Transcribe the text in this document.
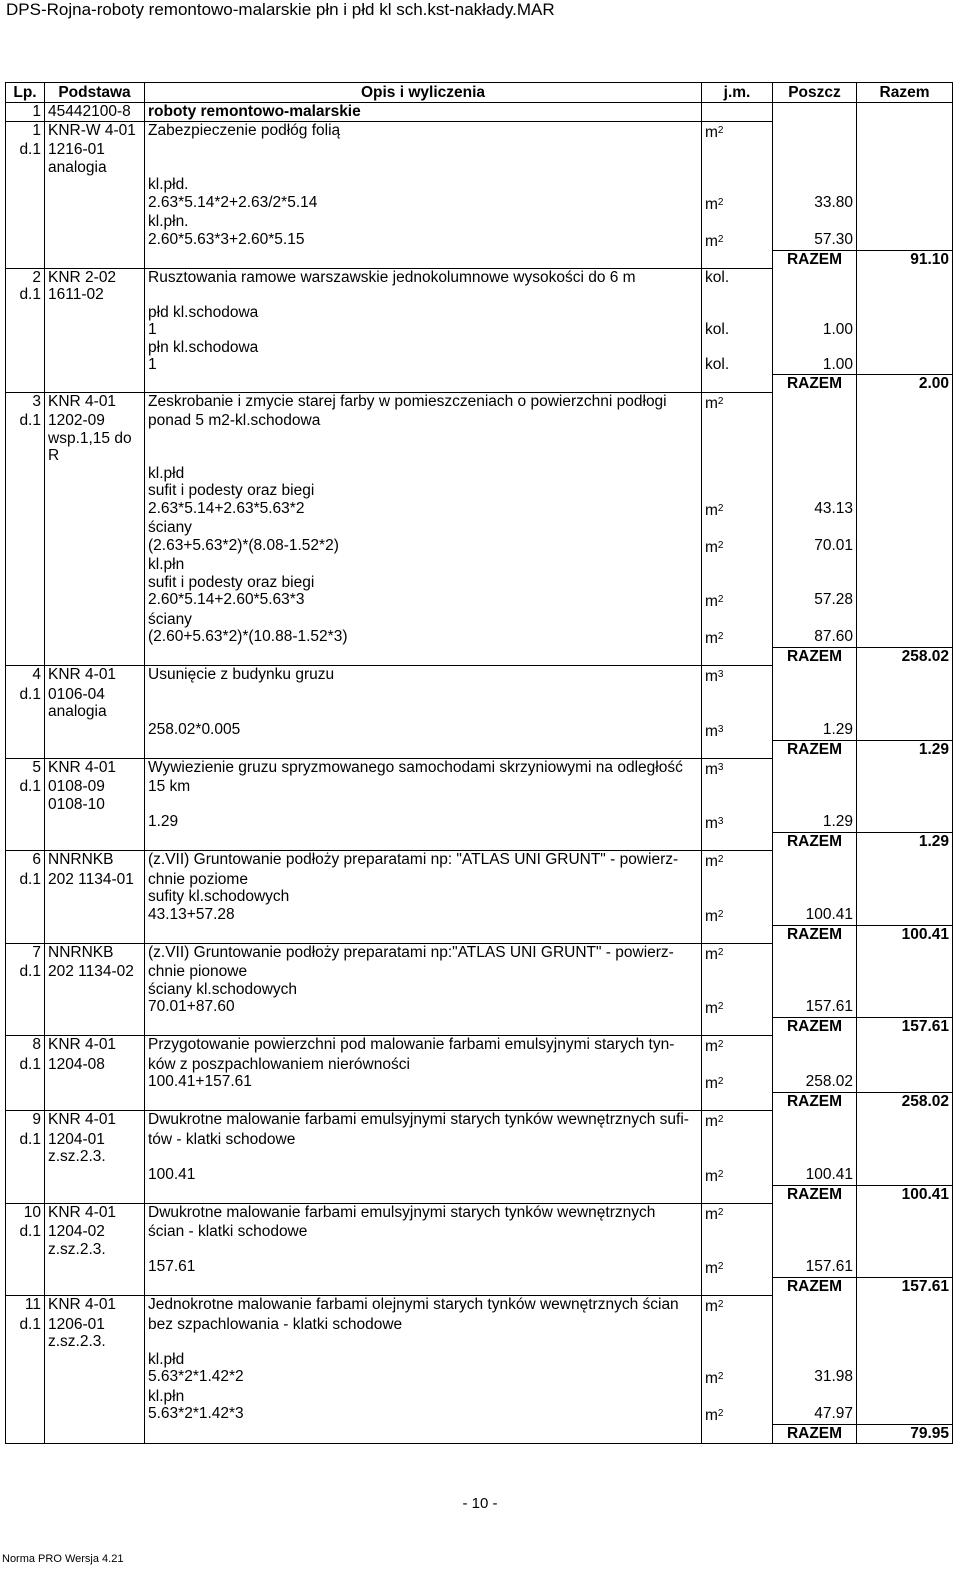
DPS-Rojna-roboty remontowo-malarskie płn i płd kl sch.kst-nakłady.MAR
Lp.	Podstawa	Opis i wyliczenia	j.m.	Poszcz	Razem
1	45442100-8	roboty remontowo-malarskie			
1	KNR-W 4-01	Zabezpieczenie podłóg folią	$m^2$		
d.1	1216-01				
	analogia				
		kl.płd.			
		2.63*5.14*2+2.63/2*5.14	$m^2$	33.80	
		kl.płn.			
		2.60*5.63*3+2.60*5.15	$m^2$	57.30	
				RAZEM	91.10
2	KNR 2-02	Rusztowania ramowe warszawskie jednokolumnowe wysokości do 6 m	kol.		
d.1	1611-02				
		płd kl.schodowa			
		1	kol.	1.00	
		płn kl.schodowa			
		1	kol.	1.00	
				RAZEM	2.00
3	KNR 4-01	Zeskrobanie i zmycie starej farby w pomieszczeniach o powierzchni podłogi	$m^2$		
d.1	1202-09	ponad 5 m2-kl.schodowa			
	wsp.1,15 do				
	R				
		kl.płd			
		sufit i podesty oraz biegi			
		2.63*5.14+2.63*5.63*2	$m^2$	43.13	
		ściany			
		(2.63+5.63*2)*(8.08-1.52*2)	$m^2$	70.01	
		kl.płn			
		sufit i podesty oraz biegi			
		2.60*5.14+2.60*5.63*3	$m^2$	57.28	
		ściany			
		(2.60+5.63*2)*(10.88-1.52*3)	$m^2$	87.60	
				RAZEM	258.02
4	KNR 4-01	Usunięcie z budynku gruzu	$m^3$		
d.1	0106-04				
	analogia				
		258.02*0.005	$m^3$	1.29	
				RAZEM	1.29
5	KNR 4-01	Wywiezienie gruzu spryzmowanego samochodami skrzyniowymi na odległość	$m^3$		
d.1	0108-09	15 km			
	0108-10				
		1.29	$m^3$	1.29	
				RAZEM	1.29
6	NNRNKB	(z.VII) Gruntowanie podłoży preparatami np: "ATLAS UNI GRUNT" - powierz-	$m^2$		
d.1	202 1134-01	chnie poziome			
		sufity kl.schodowych			
		43.13+57.28	$m^2$	100.41	
				RAZEM	100.41
7	NNRNKB	(z.VII) Gruntowanie podłoży preparatami np:"ATLAS UNI GRUNT" - powierz-	$m^2$		
d.1	202 1134-02	chnie pionowe			
		ściany kl.schodowych			
		70.01+87.60	$m^2$	157.61	
				RAZEM	157.61
8	KNR 4-01	Przygotowanie powierzchni pod malowanie farbami emulsyjnymi starych tyn-	$m^2$		
d.1	1204-08	ków z poszpachlowaniem nierówności			
		100.41+157.61	$m^2$	258.02	
				RAZEM	258.02
9	KNR 4-01	Dwukrotne malowanie farbami emulsyjnymi starych tynków wewnętrznych sufi-	$m^2$		
d.1	1204-01	tów - klatki schodowe			
	z.sz.2.3.				
		100.41	$m^2$	100.41	
				RAZEM	100.41
10	KNR 4-01	Dwukrotne malowanie farbami emulsyjnymi starych tynków wewnętrznych	$m^2$		
d.1	1204-02	ścian - klatki schodowe			
	z.sz.2.3.				
		157.61	$m^2$	157.61	
				RAZEM	157.61
11	KNR 4-01	Jednokrotne malowanie farbami olejnymi starych tynków wewnętrznych ścian	$m^2$		
d.1	1206-01	bez szpachlowania - klatki schodowe			
	z.sz.2.3.				
		kl.płd			
		5.63*2*1.42*2	$m^2$	31.98	
		kl.płn			
		5.63*2*1.42*3	$m^2$	47.97	
				RAZEM	79.95
- 10 -
Norma PRO Wersja 4.21
